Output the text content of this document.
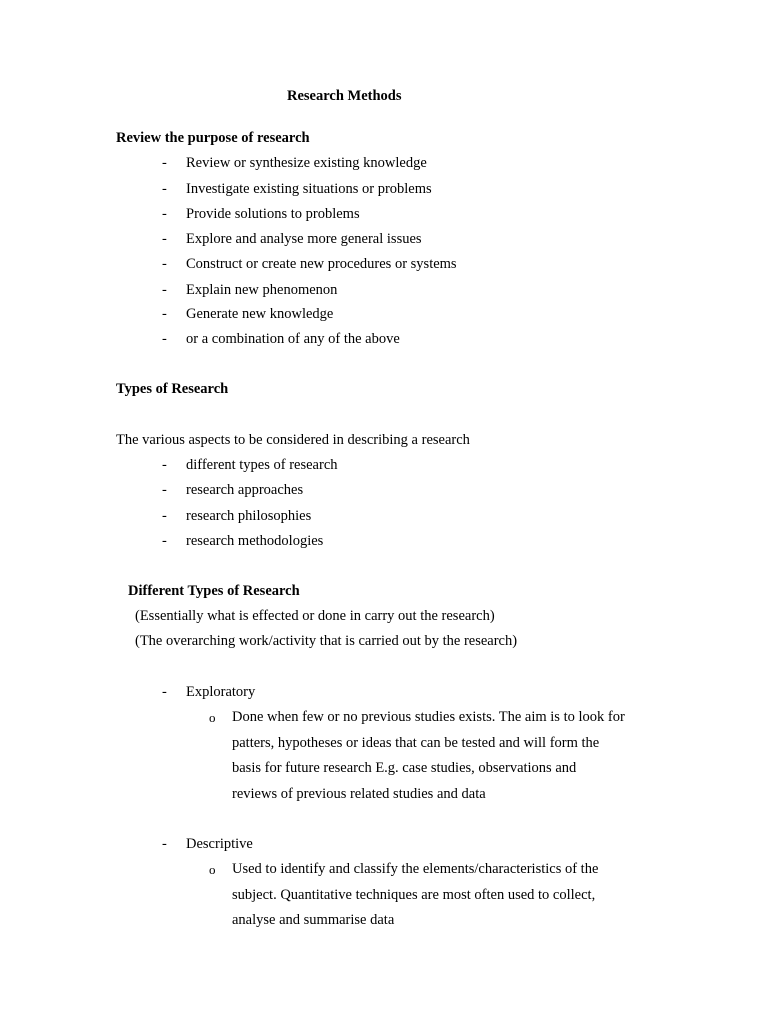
Research Methods
Review the purpose of research
- Review or synthesize existing knowledge
- Investigate existing situations or problems
- Provide solutions to problems
- Explore and analyse more general issues
- Construct or create new procedures or systems
- Explain new phenomenon
- Generate new knowledge
- or a combination of any of the above
Types of Research
The various aspects to be considered in describing a research
- different types of research
- research approaches
- research philosophies
- research methodologies
Different Types of Research
(Essentially what is effected or done in carry out the research)
(The overarching work/activity that is carried out by the research)
- Exploratory
o Done when few or no previous studies exists. The aim is to look for
patters, hypotheses or ideas that can be tested and will form the
basis for future research E.g. case studies, observations and
reviews of previous related studies and data
- Descriptive
o Used to identify and classify the elements/characteristics of the
subject. Quantitative techniques are most often used to collect,
analyse and summarise data
